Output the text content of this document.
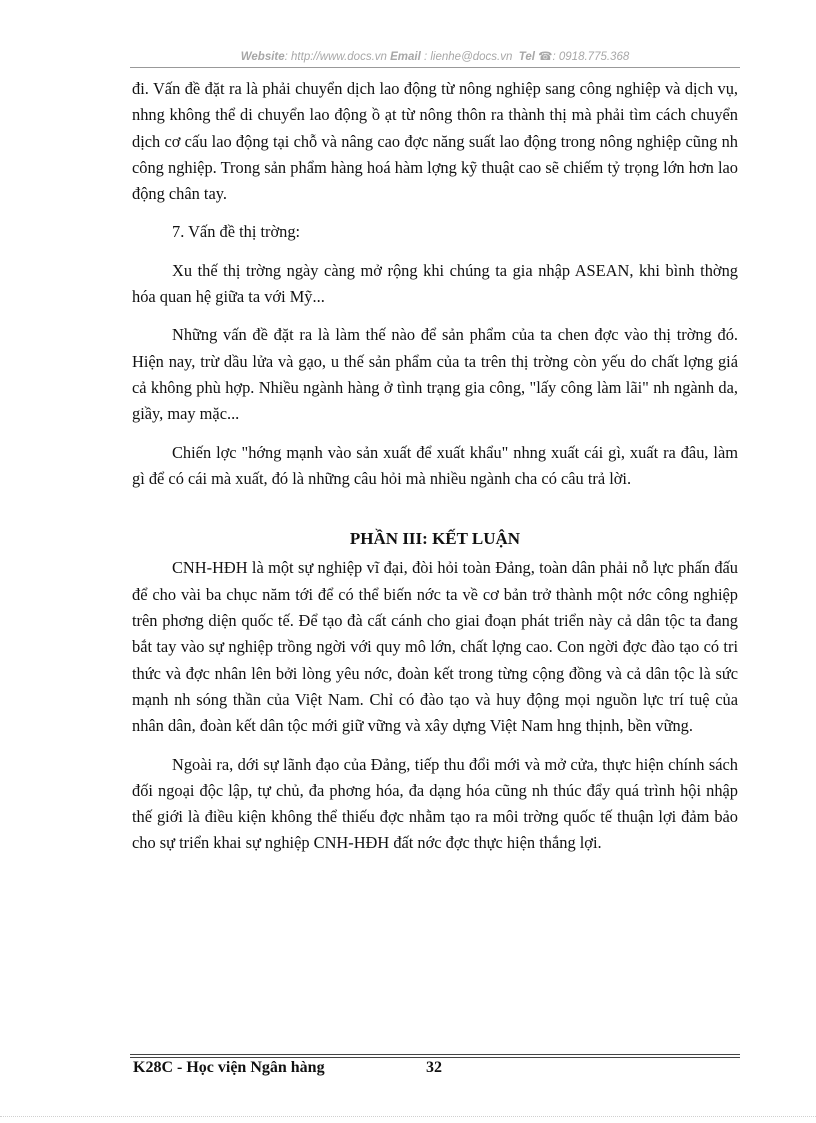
Website: http://www.docs.vn Email : lienhe@docs.vn Tel ☎: 0918.775.368

đi. Vấn đề đặt ra là phải chuyển dịch lao động từ nông nghiệp sang công nghiệp và dịch vụ, nhng không thể di chuyển lao động ồ ạt từ nông thôn ra thành thị mà phải tìm cách chuyển dịch cơ cấu lao động tại chỗ và nâng cao đợc năng suất lao động trong nông nghiệp cũng nh công nghiệp. Trong sản phẩm hàng hoá hàm lợng kỹ thuật cao sẽ chiếm tỷ trọng lớn hơn lao động chân tay.

7. Vấn đề thị trờng:

Xu thế thị trờng ngày càng mở rộng khi chúng ta gia nhập ASEAN, khi bình thờng hóa quan hệ giữa ta với Mỹ...

Những vấn đề đặt ra là làm thế nào để sản phẩm của ta chen đợc vào thị trờng đó. Hiện nay, trừ dầu lửa và gạo, u thế sản phẩm của ta trên thị trờng còn yếu do chất lợng giá cả không phù hợp. Nhiều ngành hàng ở tình trạng gia công, "lấy công làm lãi" nh ngành da, giầy, may mặc...

Chiến lợc "hớng mạnh vào sản xuất để xuất khẩu" nhng xuất cái gì, xuất ra đâu, làm gì để có cái mà xuất, đó là những câu hỏi mà nhiều ngành cha có câu trả lời.

PHẦN III: KẾT LUẬN

CNH-HĐH là một sự nghiệp vĩ đại, đòi hỏi toàn Đảng, toàn dân phải nỗ lực phấn đấu để cho vài ba chục năm tới để có thể biến nớc ta về cơ bản trở thành một nớc công nghiệp trên phơng diện quốc tế. Để tạo đà cất cánh cho giai đoạn phát triển này cả dân tộc ta đang bắt tay vào sự nghiệp trồng ngời với quy mô lớn, chất lợng cao. Con ngời đợc đào tạo có tri thức và đợc nhân lên bởi lòng yêu nớc, đoàn kết trong từng cộng đồng và cả dân tộc là sức mạnh nh sóng thần của Việt Nam. Chỉ có đào tạo và huy động mọi nguồn lực trí tuệ của nhân dân, đoàn kết dân tộc mới giữ vững và xây dựng Việt Nam hng thịnh, bền vững.

Ngoài ra, dới sự lãnh đạo của Đảng, tiếp thu đổi mới và mở cửa, thực hiện chính sách đối ngoại độc lập, tự chủ, đa phơng hóa, đa dạng hóa cũng nh thúc đẩy quá trình hội nhập thế giới là điều kiện không thể thiếu đợc nhằm tạo ra môi trờng quốc tế thuận lợi đảm bảo cho sự triển khai sự nghiệp CNH-HĐH đất nớc đợc thực hiện thắng lợi.

K28C - Học viện Ngân hàng	32
